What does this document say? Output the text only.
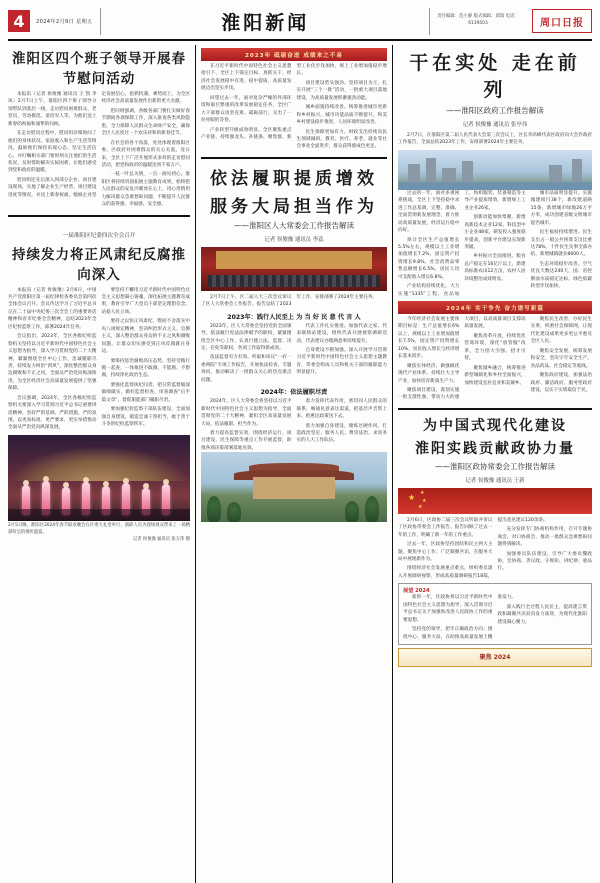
4	2024年2月9日 星期五	淮阳新闻	责任编辑：范小静 版式编辑：邱瑞 电话：6139503	周口日报
淮阳区四个班子领导开展春节慰问活动

本报讯（记者 侯俊豫 通讯员 王 凯 李凤）2月7日上午，淮阳区四个班子领导分别带队到基层一线，走访慰问困难群众、老党员、劳动模范、退役军人等，为他们送上新春的祝福和诚挚的问候。

在走访慰问过程中，慰问组详细询问了他们的身体状况、家庭收入和生产生活等情况，鼓励他们保持乐观心态、坚定生活信心，并叮嘱相关部门要时刻关注他们的生活状况，及时帮助解决实际困难，让他们感受到党和政府的温暖。

慰问组还先后深入到部分企业、项目建设现场，实地了解企业生产经营、项目建设进度等情况，并送上新春祝福，勉励企业坚定发展信心，抢抓机遇、乘势而上，为全区经济社会高质量发展作出新的更大贡献。

慰问组强调，各级各部门要扎实做好春节期间各项保障工作，深入排查各类风险隐患，全力保障人民群众生命财产安全，确保全区人民度过一个欢乐祥和的新春佳节。

在社会的各个角落，处处体现着淮阳区委、区政府对困难群众的关心关爱。连日来，全区上下广泛开展形式多样的走访慰问活动，把党和政府的温暖送到千家万户。

一枝一叶总关情，一点一滴见初心。淮阳区将持续巩固拓展主题教育成果，始终把人民群众的安危冷暖放在心上，用心用情用力解决群众急难愁盼问题，不断提升人民群众的获得感、幸福感、安全感。

一届淮阳区纪委四次全会召开
持续发力将正风肃纪反腐推向深入

本报讯（记者 侯俊豫）2月6日，中国共产党淮阳区第一届纪律检查委员会第四次全体会议召开。会议传达学习了习近平总书记在二十届中央纪委三次全会上的重要讲话精神和省市纪委全会精神，总结2023年全区纪检监察工作，部署2024年任务。

会议指出，2023年，全区各级纪检监察机关坚持以习近平新时代中国特色社会主义思想为指导，深入学习贯彻党的二十大精神，紧紧围绕全区中心工作，忠诚履职尽责，持续发力纠治“四风”，深化整治群众身边腐败和不正之风，全面从严治党向纵深推进，为全区经济社会高质量发展提供了坚强保障。

会议强调，2024年，全区各级纪检监察机关要深入学习贯彻习近平总书记重要讲话精神，坚持严的基调、严的措施、严的氛围，以更高标准、更严要求、更实举措推动全面从严治党向纵深发展。

要坚持不懈用习近平新时代中国特色社会主义思想凝心铸魂，深化拓展主题教育成果，教育引导广大党员干部坚定理想信念、站稳人民立场。

要持之以恒正风肃纪，锲而不舍落实中央八项规定精神，坚决纠治形式主义、官僚主义，深入整治群众身边的不正之风和腐败问题，让群众切实感受到正风反腐就在身边。

要保持惩治腐败高压态势，坚持受贿行贿一起查，一体推进不敢腐、不能腐、不想腐，持续净化政治生态。

要强化监督执纪问责，把日常监督做深做细做实，做好监督检查、审查调查“后半篇文章”，督促职能部门履职尽责。

要加强纪检监察干部队伍建设，全面加强自身建设，锻造忠诚干净担当、敢于善于斗争的纪检监察铁军。

2月5日晚，淮阳区2024年春节联欢晚会在区委大礼堂举行，演职人员为现场观众带来了一场精彩纷呈的视听盛宴。
记者 侯俊豫 通讯员 张万伟 摄
2023年 砥砺奋进 成绩来之不易

在习近平新时代中国特色社会主义思想指引下，全区上下锚定目标、真抓实干，经济社会发展稳中有进、稳中提质，高质量发展迈出坚实步伐。

回望过去一年，面对复杂严峻的外部环境和艰巨繁重的改革发展稳定任务，全区广大干部群众攻坚克难、砥砺前行，交出了一份亮眼的答卷。

产业转型升级成效明显。全区聚焦重点产业链，持续强龙头、补链条、聚集群，新型工业化步伐加快，规上工业增加值稳步增长。

项目建设势头强劲。坚持项目为王，扎实开展“三个一批”活动，一批重大项目落地建设，为高质量发展积蓄强劲动能。

城乡面貌持续改善。统筹推进城市更新和乡村振兴，城市功能品质不断提升，和美乡村建设稳步推进，人居环境明显改善。

民生保障更加有力。财政支出持续向民生领域倾斜，教育、医疗、养老、就业等社会事业全面进步，群众获得感成色更足。

依法履职提质增效
服务大局担当作为
——淮阳区人大常委会工作报告解读
记者 侯俊豫 通讯员 李蕊

2月7日上午，区二届人大三次会议审议了区人大常委会工作报告。报告总结了2023年工作，安排部署了2024年主要任务。

2023年：践行人民至上 为 当 好 民 意 代 言 人

2023年，区人大常委会坚持党的全面领导，依法履行宪法法律赋予的职权，紧紧围绕全区中心工作，认真行使立法、监督、决定、任免等职权，各项工作取得新成效。

依法监督有力有效。听取和审议“一府一委两院”专项工作报告，开展执法检查、专题询问，推动解决了一批群众关心的热点难点问题。

代表工作扎实推进。加强代表之家、代表联络站建设，组织代表开展视察调研活动，代表建议办理满意率持续提升。

自身建设不断加强。深入开展学习贯彻习近平新时代中国特色社会主义思想主题教育，常委会组成人员和机关干部的履职能力明显提升。

2024年：依法履职尽责

2024年，区人大常委会将坚持以习近平新时代中国特色社会主义思想为指导，全面贯彻党的二十大精神，紧扣全区高质量发展大局，依法履职、担当作为。

着力提高监督实效，围绕经济运行、项目建设、民生保障等重点工作开展监督，助推各项决策部署落地见效。

着力发挥代表作用，密切同人民群众的联系，畅通民意表达渠道，把基层声音带上来、把惠民政策送下去。

着力加强自身建设，锤炼过硬作风，打造政治坚定、服务人民、尊崇法治、求真务实的人大工作队伍。

干在实处 走在前列
——淮阳区政府工作报告解读
记者 侯俊豫 通讯员 张亭伟

2月7日，在淮阳区第二届人民代表大会第三次会议上，区长李高峰代表区政府向大会作政府工作报告，全面总结2023年工作，安排部署2024年主要任务。

过去的一年，面对多重困难挑战，全区上下坚持稳中求进工作总基调，完整、准确、全面贯彻新发展理念，着力推动高质量发展，经济运行稳中向好。

预计全区生产总值增长5.5%左右，规模以上工业增加值增长7.2%，固定资产投资增长9.8%，社会消费品零售总额增长6.5%，居民人均可支配收入增长6.8%。

产业结构持续优化。大力实施“1335”工程，食品加工、纺织服装、装备制造等主导产业提质增效，新增规上工业企业26家。

创新动能加快集聚。新增高新技术企业12家、科技型中小企业48家，研发投入强度稳步提高，创新平台建设实现新突破。

乡村振兴全面推进。粮食总产稳定在16亿斤以上，新建高标准农田12万亩，农村人居环境整治成效明显。

城市品质明显提升。实施城建项目38个，新改建道路15条，新增城市绿地26万平方米，成功创建省级文明城市提名城市。

民生福祉持续增进。民生支出占一般公共预算支出比重达78%，十件民生实事全部办结，新增城镇就业8600人。

生态环境稳步改善。空气优良天数达240天，国、省控断面水质稳定达标，绿色低碳转型步伐加快。

2024年 实干争先 奋力谱写新篇

今年经济社会发展主要预期目标是：生产总值增长6%以上，规模以上工业增加值增长7.5%，固定资产投资增长10%，居民收入增长与经济增长基本同步。

聚焦实体经济，做强做优现代产业体系，持续壮大主导产业，加快培育新质生产力。

聚焦项目建设，谋划实施一批支撑性强、带动力大的重大项目，以高质量项目支撑高质量发展。

聚焦改革开放，持续优化营商环境，深化“放管服”改革，全力招大引强、招才引智。

聚焦城乡融合，统筹推进新型城镇化和乡村全面振兴，加快建设宜居宜业和美城乡。

聚焦民生改善，办好民生实事，织密社会保障网，让现代化建设成果更多更公平惠及全区人民。

聚焦安全发展，统筹发展和安全，坚决守牢安全生产、食品药品、社会稳定等底线。

聚焦政府建设，加强法治政府、廉洁政府、服务型政府建设，以实干实绩取信于民。

为中国式现代化建设
淮阳实践贡献政协力量
——淮阳区政协常委会工作报告解读
记者 侯俊豫 通讯员 王新
★ ★
★
★

2月6日，区政协二届三次会议听取并审议了区政协常委会工作报告。报告回顾了过去一年的工作，明确了新一年的工作重点。

过去一年，区政协坚持团结和民主两大主题，聚焦中心工作，广泛凝聚共识，在服务大局中展现新作为。

围绕经济社会发展重点难点，组织委员深入开展调研视察，形成高质量调研报告18篇，提出意见建议120余条。

充分发挥专门协商机构作用，召开专题协商会、对口协商会，推动一批群众急难愁盼问题得到解决。

加强委员队伍建设，引导广大委员懂政协、会协商、善议政，守规矩、讲纪律、重品行。

展望 2024

新的一年，区政协将以习近平新时代中国特色社会主义思想为指导，深入贯彻习近平总书记关于加强和改进人民政协工作的重要思想。

坚持党的领导，把牢正确政治方向；围绕中心、服务大局，在助推高质量发展上精准发力。

深入践行全过程人民民主，提高建言资政和凝聚共识双向发力质效，为现代化淮阳建设凝心聚力。

聚焦 2024
